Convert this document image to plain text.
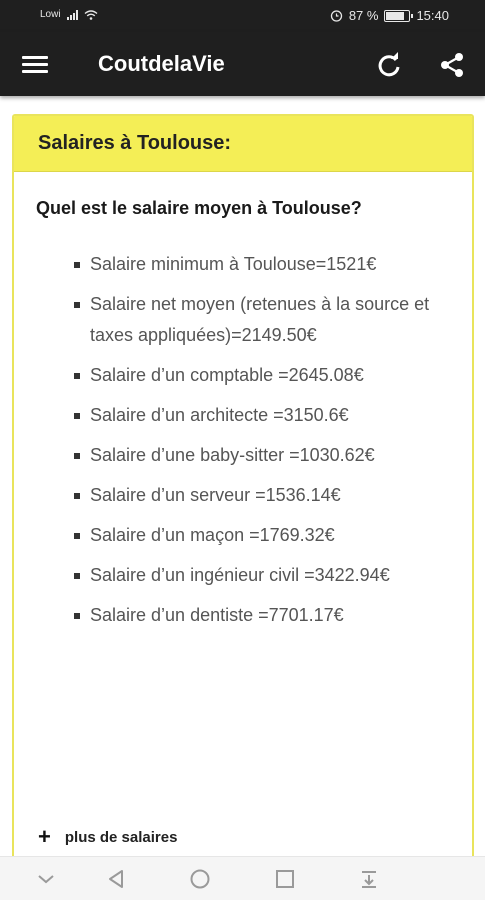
Lowi	87 %	15:40
CoutdelaVie
Salaires à Toulouse:
Quel est le salaire moyen à Toulouse?
Salaire minimum à Toulouse=1521€
Salaire net moyen (retenues à la source et taxes appliquées)=2149.50€
Salaire d’un comptable =2645.08€
Salaire d’un architecte =3150.6€
Salaire d’une baby-sitter =1030.62€
Salaire d’un serveur =1536.14€
Salaire d’un maçon =1769.32€
Salaire d’un ingénieur civil =3422.94€
Salaire d’un dentiste =7701.17€
+ plus de salaires
